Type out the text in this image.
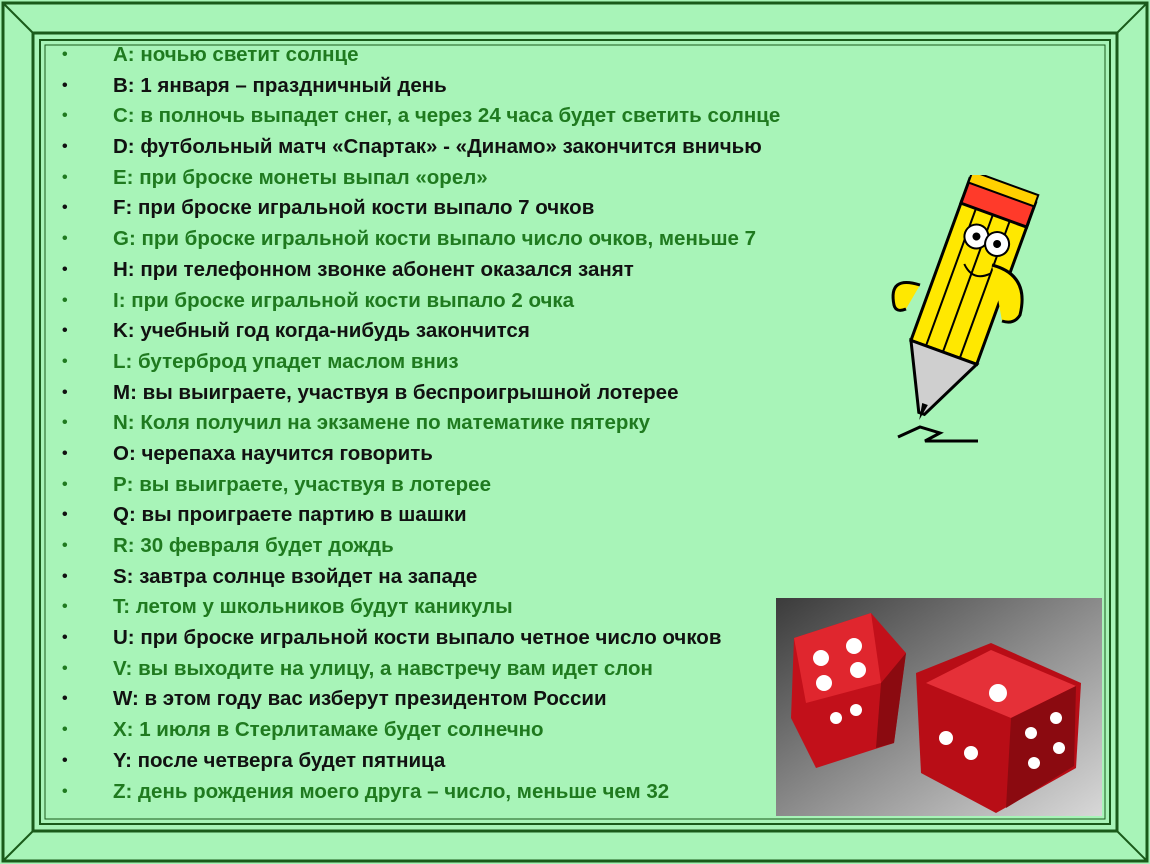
•	A: ночью светит солнце
•	B: 1 января – праздничный день
•	C: в полночь выпадет снег, а через 24 часа будет светить солнце
•	D: футбольный матч «Спартак» - «Динамо» закончится вничью
•	E: при броске монеты выпал «орел»
•	F: при броске игральной кости выпало 7 очков
•	G: при броске игральной кости выпало число очков, меньше 7
•	H: при телефонном звонке абонент оказался занят
•	I: при броске игральной кости выпало 2 очка
•	K: учебный год когда-нибудь закончится
•	L: бутерброд упадет маслом вниз
•	M: вы выиграете, участвуя в беспроигрышной лотерее
•	N: Коля получил на экзамене по математике пятерку
•	O: черепаха научится говорить
•	P: вы выиграете, участвуя в лотерее
•	Q: вы проиграете партию в шашки
•	R: 30 февраля будет дождь
•	S: завтра солнце взойдет на западе
•	T: летом у школьников будут каникулы
•	U: при броске игральной кости выпало четное число очков
•	V: вы выходите на улицу, а навстречу вам идет слон
•	W: в этом году вас изберут президентом России
•	X: 1 июля в Стерлитамаке будет солнечно
•	Y: после четверга будет пятница
•	Z: день рождения моего друга – число, меньше чем 32
